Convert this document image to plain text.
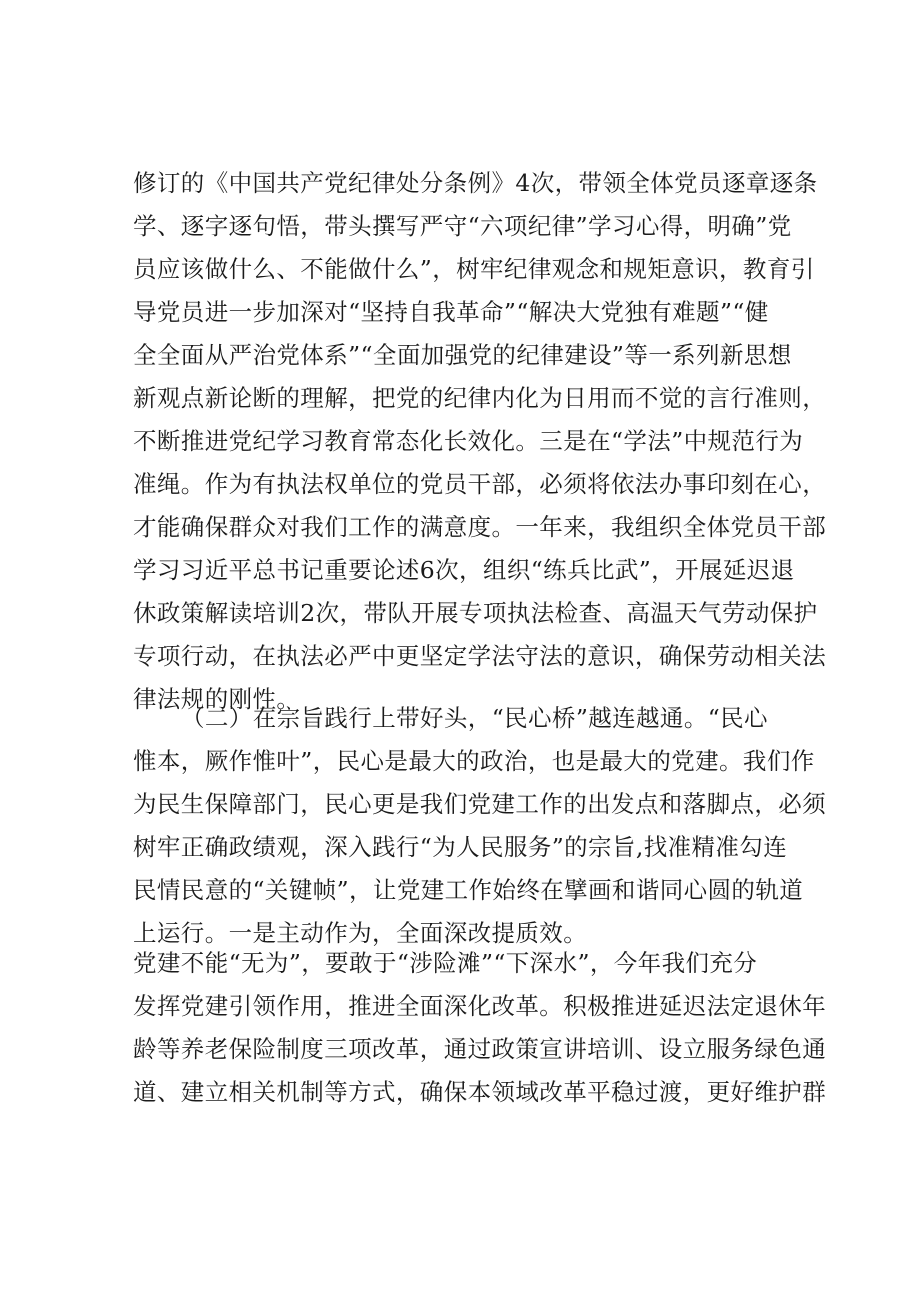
修订的《中国共产党纪律处分条例》4次，带领全体党员逐章逐条
学、逐字逐句悟，带头撰写严守“六项纪律”学习心得，明确”党
员应该做什么、不能做什么”，树牢纪律观念和规矩意识，教育引
导党员进一步加深对“坚持自我革命”“解决大党独有难题”“健
全全面从严治党体系”“全面加强党的纪律建设”等一系列新思想
新观点新论断的理解，把党的纪律内化为日用而不觉的言行准则，
不断推进党纪学习教育常态化长效化。三是在“学法”中规范行为
准绳。作为有执法权单位的党员干部，必须将依法办事印刻在心，
才能确保群众对我们工作的满意度。一年来，我组织全体党员干部
学习习近平总书记重要论述6次，组织“练兵比武”，开展延迟退
休政策解读培训2次，带队开展专项执法检查、高温天气劳动保护
专项行动，在执法必严中更坚定学法守法的意识，确保劳动相关法
律法规的刚性。
（二）在宗旨践行上带好头，“民心桥”越连越通。“民心
惟本，厥作惟叶”，民心是最大的政治，也是最大的党建。我们作
为民生保障部门，民心更是我们党建工作的出发点和落脚点，必须
树牢正确政绩观，深入践行“为人民服务”的宗旨,找准精准勾连
民情民意的“关键帧”，让党建工作始终在擘画和谐同心圆的轨道
上运行。一是主动作为，全面深改提质效。
党建不能“无为”，要敢于“涉险滩”“下深水”，今年我们充分
发挥党建引领作用，推进全面深化改革。积极推进延迟法定退休年
龄等养老保险制度三项改革，通过政策宣讲培训、设立服务绿色通
道、建立相关机制等方式，确保本领域改革平稳过渡，更好维护群
